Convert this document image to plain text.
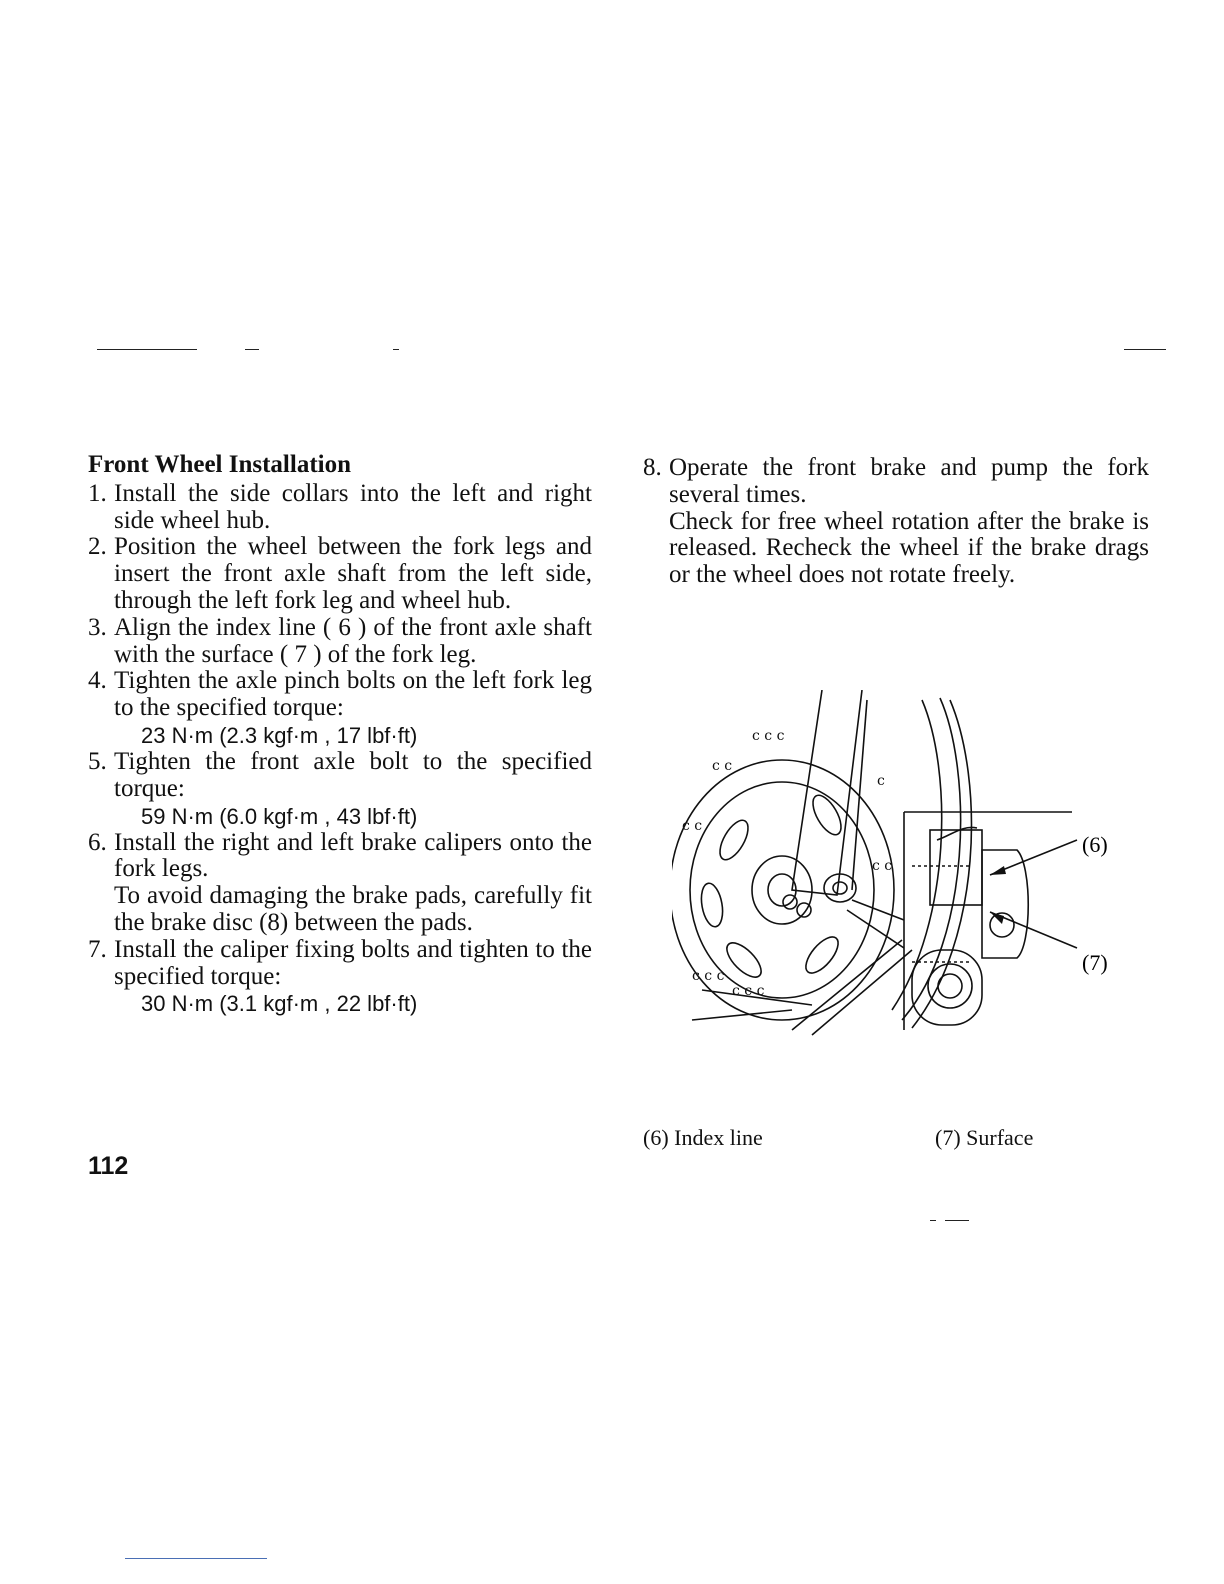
Front Wheel Installation
1. Install the side collars into the left and right side wheel hub.
2. Position the wheel between the fork legs and insert the front axle shaft from the left side, through the left fork leg and wheel hub.
3. Align the index line ( 6 ) of the front axle shaft with the surface ( 7 ) of the fork leg.
4. Tighten the axle pinch bolts on the left fork leg to the specified torque:
23 N·m (2.3 kgf·m , 17 lbf·ft)
5. Tighten the front axle bolt to the specified torque:
59 N·m (6.0 kgf·m , 43 lbf·ft)
6. Install the right and left brake calipers onto the fork legs.
To avoid damaging the brake pads, carefully fit the brake disc (8) between the pads.
7. Install the caliper fixing bolts and tighten to the specified torque:
30 N·m (3.1 kgf·m , 22 lbf·ft)
8. Operate the front brake and pump the fork several times.
Check for free wheel rotation after the brake is released. Recheck the wheel if the brake drags or the wheel does not rotate freely.
c c c
c c
c c
c c c
c c c
c
c c
(6)
(7)
(6) Index line	(7) Surface
112
